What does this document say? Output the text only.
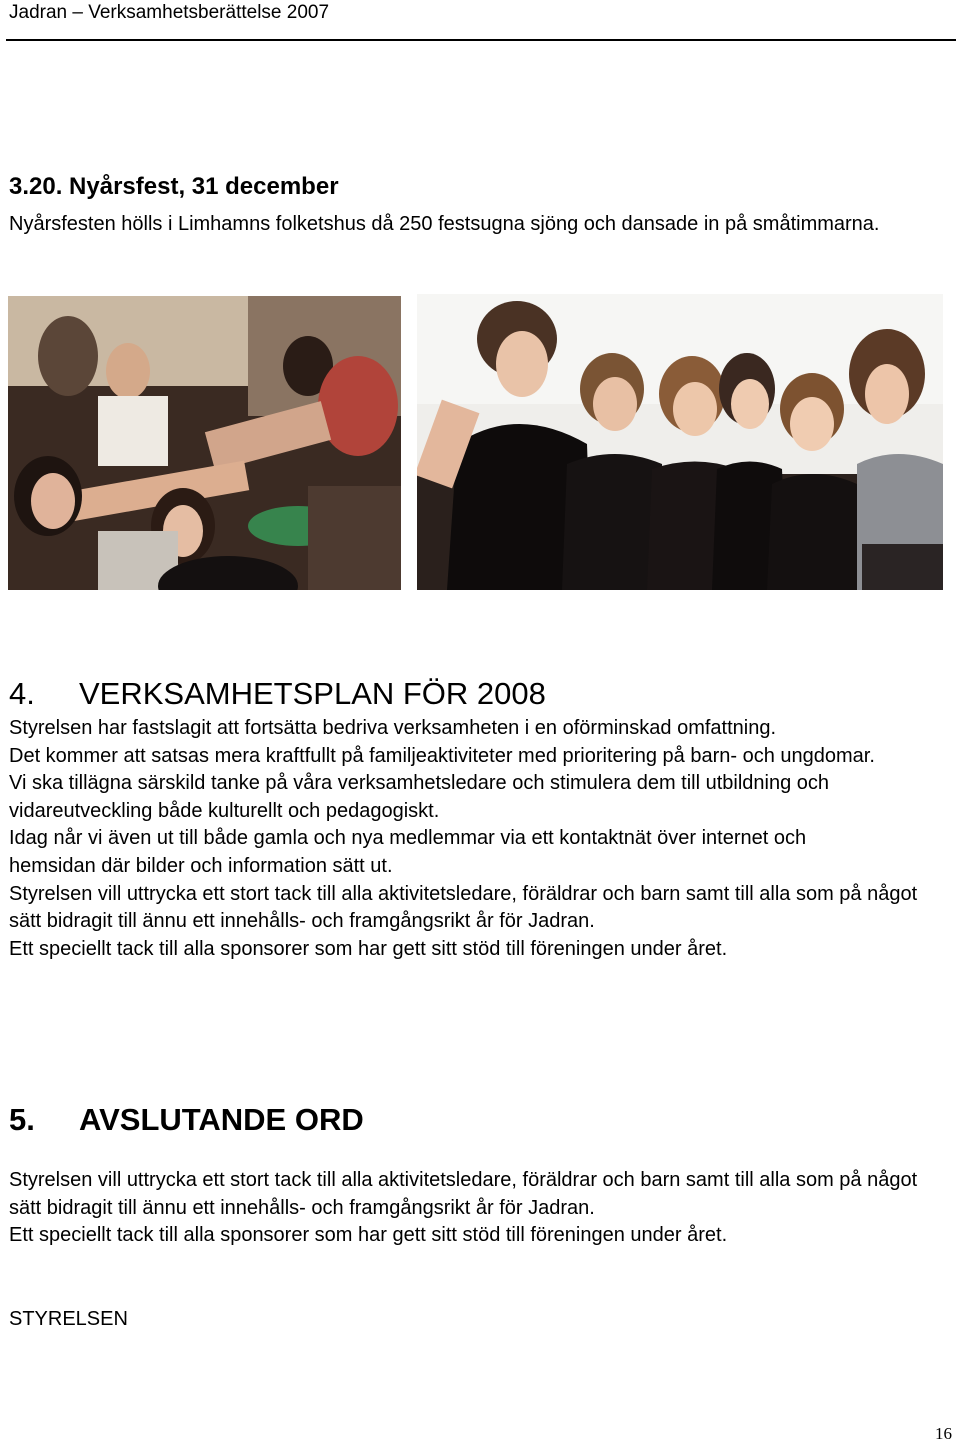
Jadran – Verksamhetsberättelse 2007
3.20. Nyårsfest, 31 december
Nyårsfesten hölls i Limhamns folketshus då 250 festsugna sjöng och dansade in på småtimmarna.
4. VERKSAMHETSPLAN FÖR 2008
Styrelsen har fastslagit att fortsätta bedriva verksamheten i en oförminskad omfattning.
Det kommer att satsas mera kraftfullt på familjeaktiviteter med prioritering på barn- och ungdomar.
Vi ska tillägna särskild tanke på våra verksamhetsledare och stimulera dem till utbildning och vidareutveckling både kulturellt och pedagogiskt.
Idag når vi även ut till både gamla och nya medlemmar via ett kontaktnät över internet och
hemsidan där bilder och information sätt ut.
Styrelsen vill uttrycka ett stort tack till alla aktivitetsledare, föräldrar och barn samt till alla som på något sätt bidragit till ännu ett innehålls- och framgångsrikt år för Jadran.
Ett speciellt tack till alla sponsorer som har gett sitt stöd till föreningen under året.
5. AVSLUTANDE ORD
Styrelsen vill uttrycka ett stort tack till alla aktivitetsledare, föräldrar och barn samt till alla som på något sätt bidragit till ännu ett innehålls- och framgångsrikt år för Jadran.
Ett speciellt tack till alla sponsorer som har gett sitt stöd till föreningen under året.
STYRELSEN
16
